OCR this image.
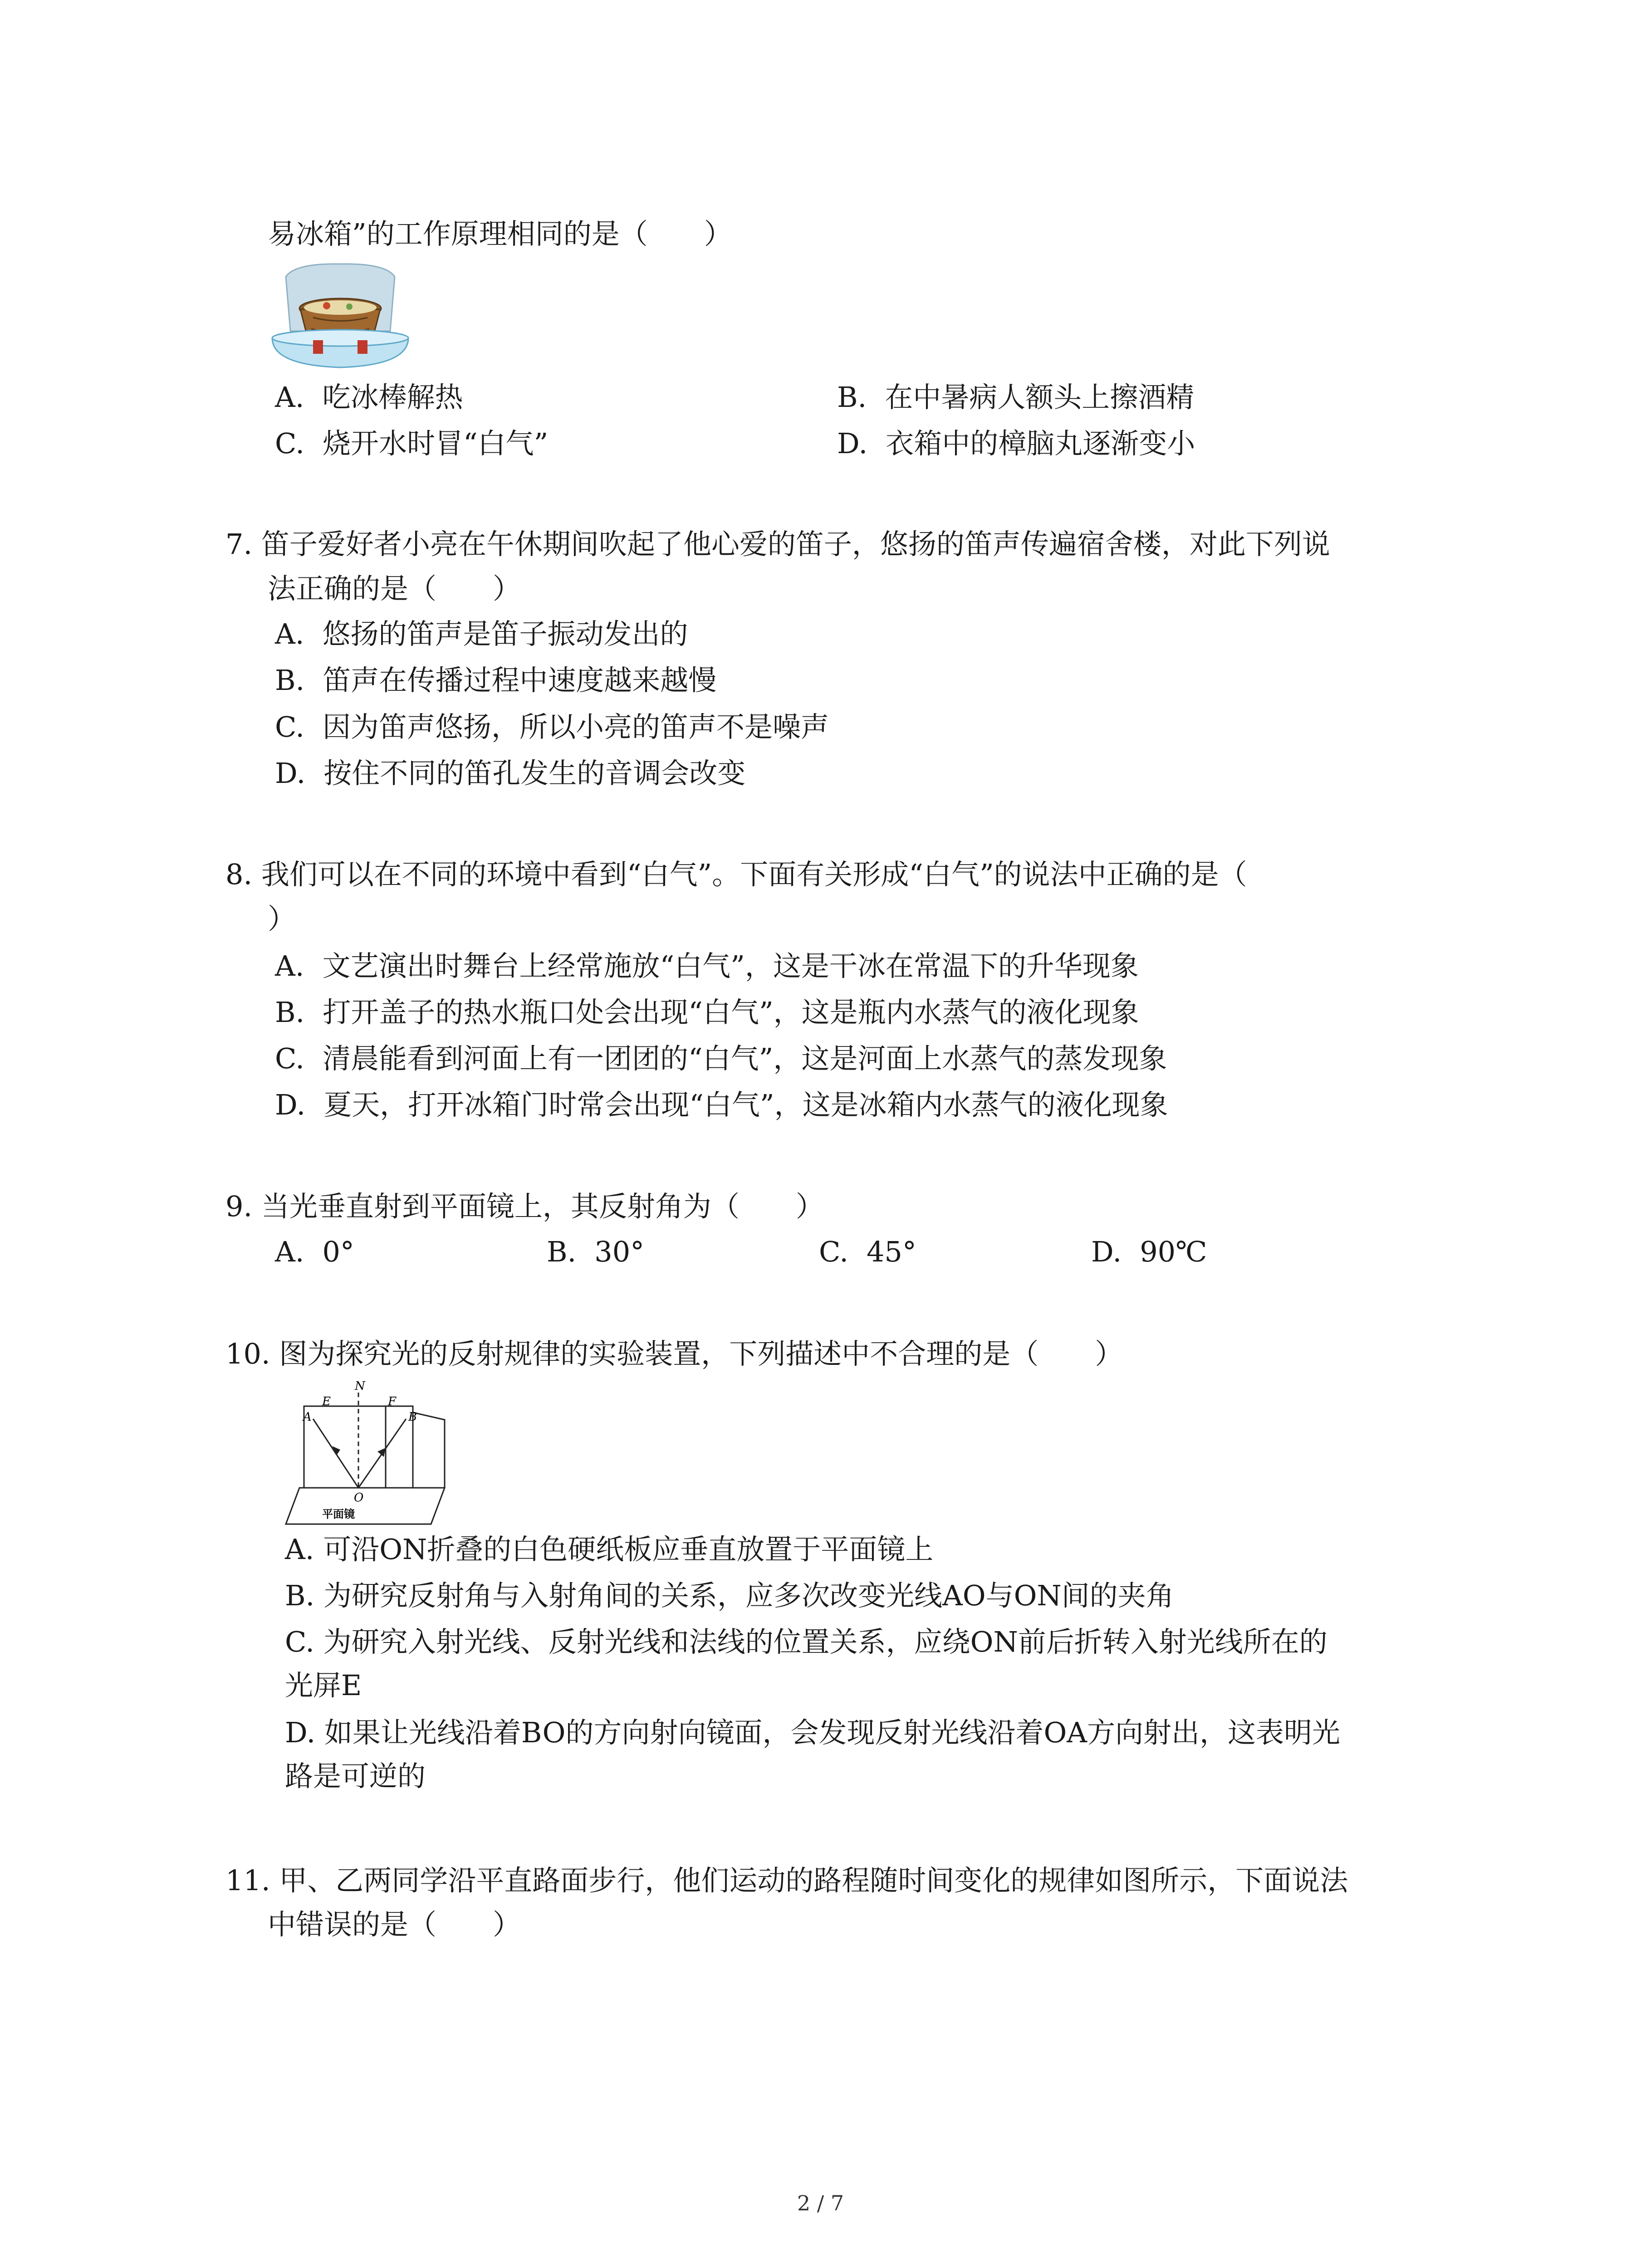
易冰箱”的工作原理相同的是（　　）
A. 吃冰棒解热	B. 在中暑病人额头上擦酒精
C. 烧开水时冒“白气”	D. 衣箱中的樟脑丸逐渐变小
7. 笛子爱好者小亮在午休期间吹起了他心爱的笛子，悠扬的笛声传遍宿舍楼，对此下列说
法正确的是（　　）
A. 悠扬的笛声是笛子振动发出的
B. 笛声在传播过程中速度越来越慢
C. 因为笛声悠扬，所以小亮的笛声不是噪声
D. 按住不同的笛孔发生的音调会改变
8. 我们可以在不同的环境中看到“白气”。下面有关形成“白气”的说法中正确的是（
）
A. 文艺演出时舞台上经常施放“白气”，这是干冰在常温下的升华现象
B. 打开盖子的热水瓶口处会出现“白气”，这是瓶内水蒸气的液化现象
C. 清晨能看到河面上有一团团的“白气”，这是河面上水蒸气的蒸发现象
D. 夏天，打开冰箱门时常会出现“白气”，这是冰箱内水蒸气的液化现象
9. 当光垂直射到平面镜上，其反射角为（　　）
A. 0°	B. 30°	C. 45°	D. 90℃
10. 图为探究光的反射规律的实验装置，下列描述中不合理的是（　　）
A
E
N
F
B
O
平面镜
A. 可沿ON折叠的白色硬纸板应垂直放置于平面镜上
B. 为研究反射角与入射角间的关系，应多次改变光线AO与ON间的夹角
C. 为研究入射光线、反射光线和法线的位置关系，应绕ON前后折转入射光线所在的
光屏E
D. 如果让光线沿着BO的方向射向镜面，会发现反射光线沿着OA方向射出，这表明光
路是可逆的
11. 甲、乙两同学沿平直路面步行，他们运动的路程随时间变化的规律如图所示，下面说法
中错误的是（　　）
2 / 7
